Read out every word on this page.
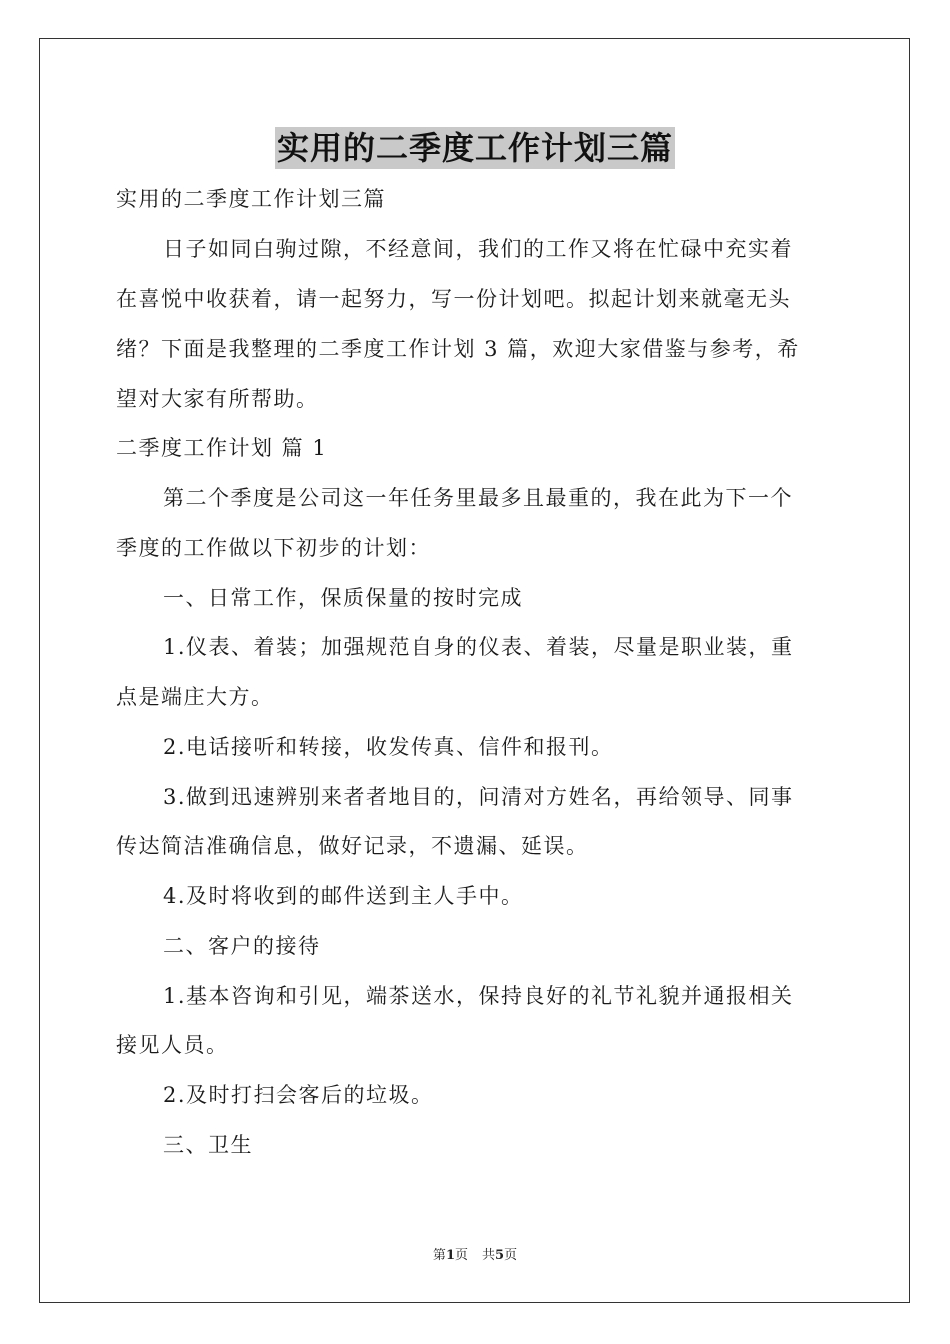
实用的二季度工作计划三篇
实用的二季度工作计划三篇
日子如同白驹过隙，不经意间，我们的工作又将在忙碌中充实着
在喜悦中收获着，请一起努力，写一份计划吧。拟起计划来就毫无头
绪？下面是我整理的二季度工作计划 3 篇，欢迎大家借鉴与参考，希
望对大家有所帮助。
二季度工作计划 篇 1
第二个季度是公司这一年任务里最多且最重的，我在此为下一个
季度的工作做以下初步的计划：
一、日常工作，保质保量的按时完成
1.仪表、着装；加强规范自身的仪表、着装，尽量是职业装，重
点是端庄大方。
2.电话接听和转接，收发传真、信件和报刊。
3.做到迅速辨别来者者地目的，问清对方姓名，再给领导、同事
传达简洁准确信息，做好记录，不遗漏、延误。
4.及时将收到的邮件送到主人手中。
二、客户的接待
1.基本咨询和引见，端茶送水，保持良好的礼节礼貌并通报相关
接见人员。
2.及时打扫会客后的垃圾。
三、卫生
第1页 共5页
